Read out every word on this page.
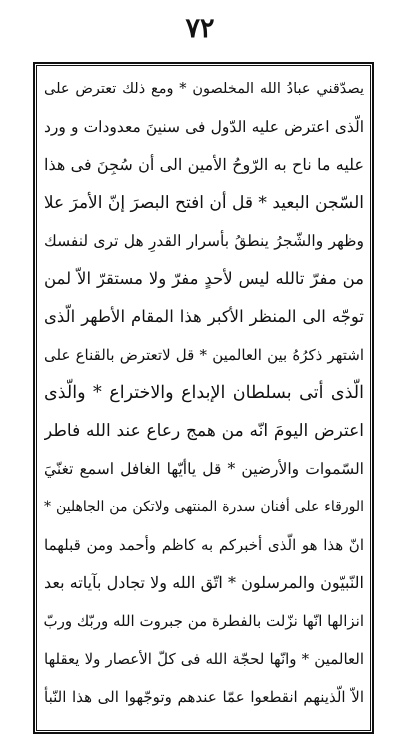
٧٢
يصدّقني عبادُ الله المخلصون * ومع ذلك تعترض على
الّذى اعترض عليه الدّول فى سنينَ معدودات و ورد
عليه ما ناح به الرّوحُ الأمين الى أن سُجِنَ فى هذا
السّجن البعيد * قل أن افتح البصرَ إنّ الأمرَ علا
وظهر والشّجرُ ينطقُ بأسرار القدرِ هل ترى لنفسك
من مفرّ تالله ليس لأحدٍ مفرّ ولا مستقرّ الاّ لمن
توجّه الى المنظر الأكبر هذا المقام الأطهر الّذى
اشتهر ذكرُهُ بين العالمين * قل لاتعترض بالقناع على
الّذى أتى بسلطان الإبداع والاختراع * والّذى
اعترض اليومَ انّه من همج رعاع عند الله فاطر
السّموات والأرضين * قل ياأيّها الغافل اسمع تغنّيَ
الورقاء على أفنان سدرة المنتهى ولاتكن من الجاهلين *
انّ هذا هو الّذى أخبركم به كاظم وأحمد ومن قبلهما
النّبيّون والمرسلون * اتّق الله ولا تجادل بآياته بعد
انزالها انّها نزّلت بالفطرة من جبروت الله وربّك وربّ
العالمين * وانّها لحجّة الله فى كلّ الأعصار ولا يعقلها
الاّ الّذينهم انقطعوا عمّا عندهم وتوجّهوا الى هذا النّبأ
